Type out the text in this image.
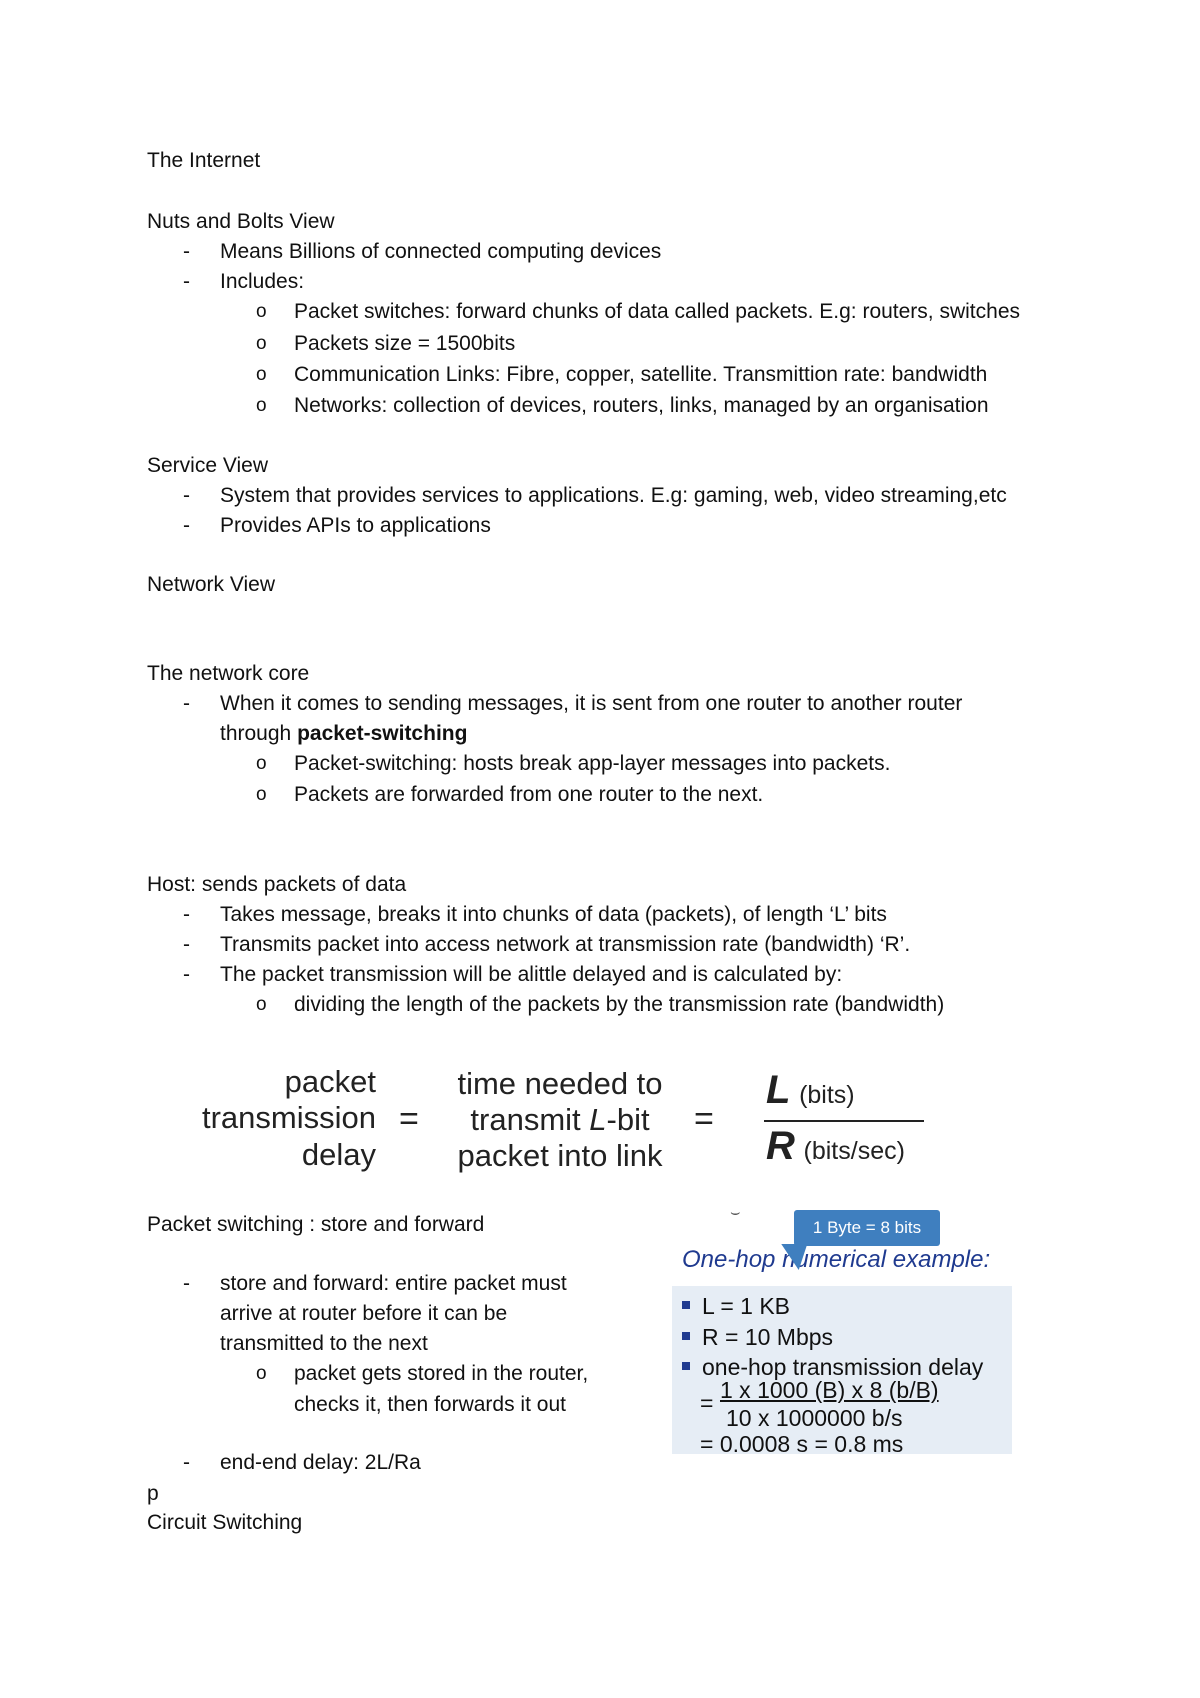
The Internet
Nuts and Bolts View
- Means Billions of connected computing devices
- Includes:
o Packet switches: forward chunks of data called packets. E.g: routers, switches
o Packets size = 1500bits
o Communication Links: Fibre, copper, satellite. Transmittion rate: bandwidth
o Networks: collection of devices, routers, links, managed by an organisation
Service View
- System that provides services to applications. E.g: gaming, web, video streaming,etc
- Provides APIs to applications
Network View
The network core
- When it comes to sending messages, it is sent from one router to another router
through packet-switching
o Packet-switching: hosts break app-layer messages into packets.
o Packets are forwarded from one router to the next.
Host: sends packets of data
- Takes message, breaks it into chunks of data (packets), of length ‘L’ bits
- Transmits packet into access network at transmission rate (bandwidth) ‘R’.
- The packet transmission will be alittle delayed and is calculated by:
o dividing the length of the packets by the transmission rate (bandwidth)
packet
transmission
delay
=
time needed to
transmit L-bit
packet into link
=
L (bits)
R (bits/sec)
Packet switching : store and forward
- store and forward: entire packet must
arrive at router before it can be
transmitted to the next
o packet gets stored in the router,
checks it, then forwards it out
- end-end delay: 2L/Ra
p
Circuit Switching
⌣
One-hop numerical example:
1 Byte = 8 bits
L = 1 KB
R = 10 Mbps
one-hop transmission delay
= 1 x 1000 (B) x 8 (b/B)
10 x 1000000 b/s
= 0.0008 s = 0.8 ms
